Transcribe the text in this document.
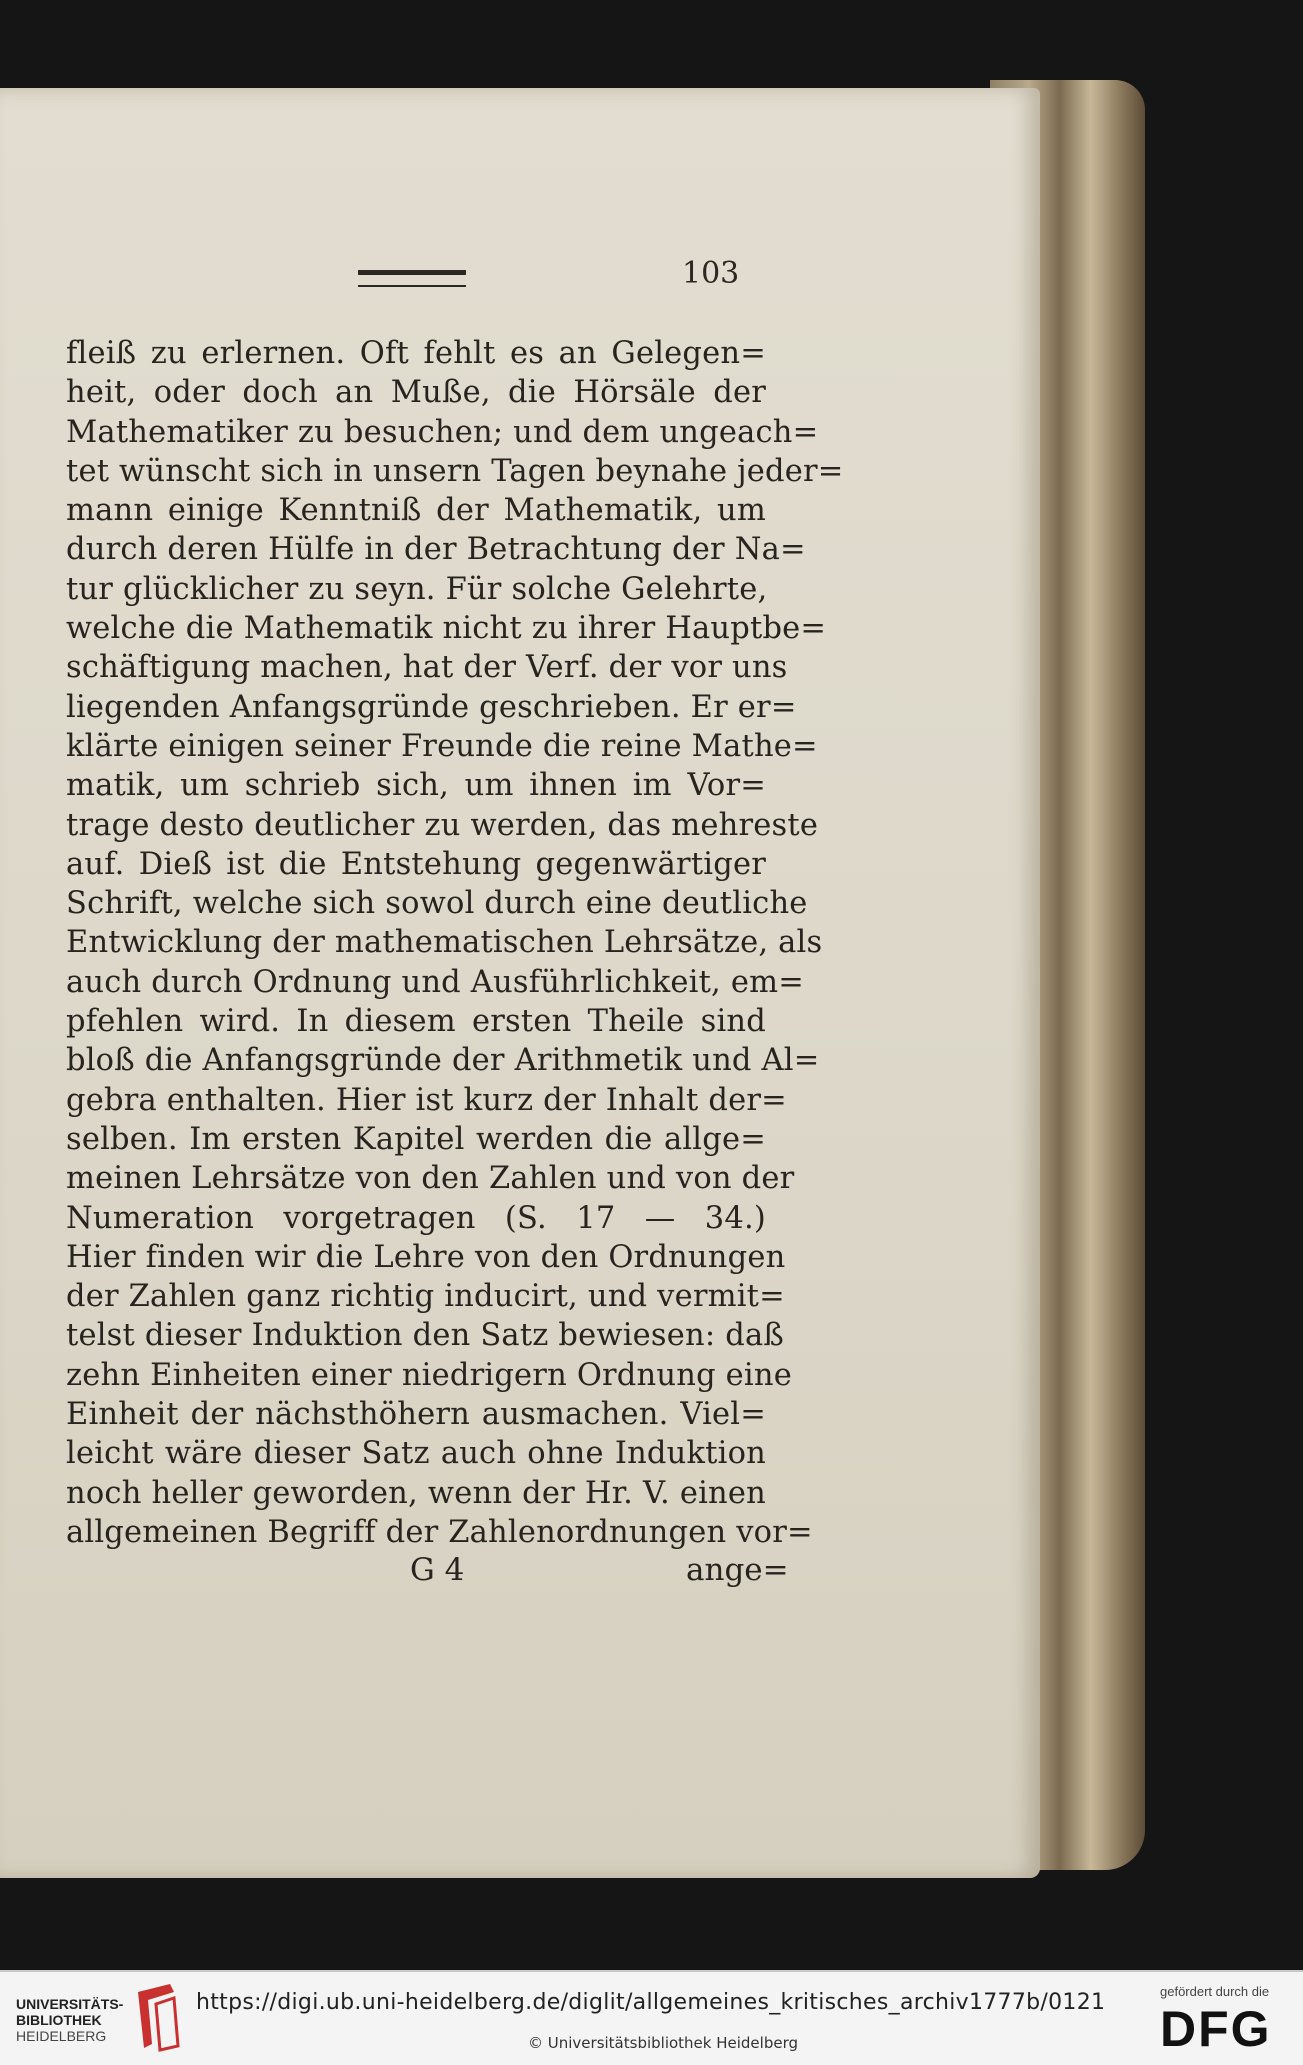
103
fleiß zu erlernen. Oft fehlt es an Gelegen=
heit, oder doch an Muße, die Hörsäle der
Mathematiker zu besuchen; und dem ungeach=
tet wünscht sich in unsern Tagen beynahe jeder=
mann einige Kenntniß der Mathematik, um
durch deren Hülfe in der Betrachtung der Na=
tur glücklicher zu seyn. Für solche Gelehrte,
welche die Mathematik nicht zu ihrer Hauptbe=
schäftigung machen, hat der Verf. der vor uns
liegenden Anfangsgründe geschrieben. Er er=
klärte einigen seiner Freunde die reine Mathe=
matik, um schrieb sich, um ihnen im Vor=
trage desto deutlicher zu werden, das mehreste
auf. Dieß ist die Entstehung gegenwärtiger
Schrift, welche sich sowol durch eine deutliche
Entwicklung der mathematischen Lehrsätze, als
auch durch Ordnung und Ausführlichkeit, em=
pfehlen wird. In diesem ersten Theile sind
bloß die Anfangsgründe der Arithmetik und Al=
gebra enthalten. Hier ist kurz der Inhalt der=
selben. Im ersten Kapitel werden die allge=
meinen Lehrsätze von den Zahlen und von der
Numeration vorgetragen (S. 17 — 34.)
Hier finden wir die Lehre von den Ordnungen
der Zahlen ganz richtig inducirt, und vermit=
telst dieser Induktion den Satz bewiesen: daß
zehn Einheiten einer niedrigern Ordnung eine
Einheit der nächsthöhern ausmachen. Viel=
leicht wäre dieser Satz auch ohne Induktion
noch heller geworden, wenn der Hr. V. einen
allgemeinen Begriff der Zahlenordnungen vor=
G 4	ange=
UNIVERSITÄTS-
BIBLIOTHEK
HEIDELBERG
https://digi.ub.uni-heidelberg.de/diglit/allgemeines_kritisches_archiv1777b/0121
© Universitätsbibliothek Heidelberg
gefördert durch die
DFG
